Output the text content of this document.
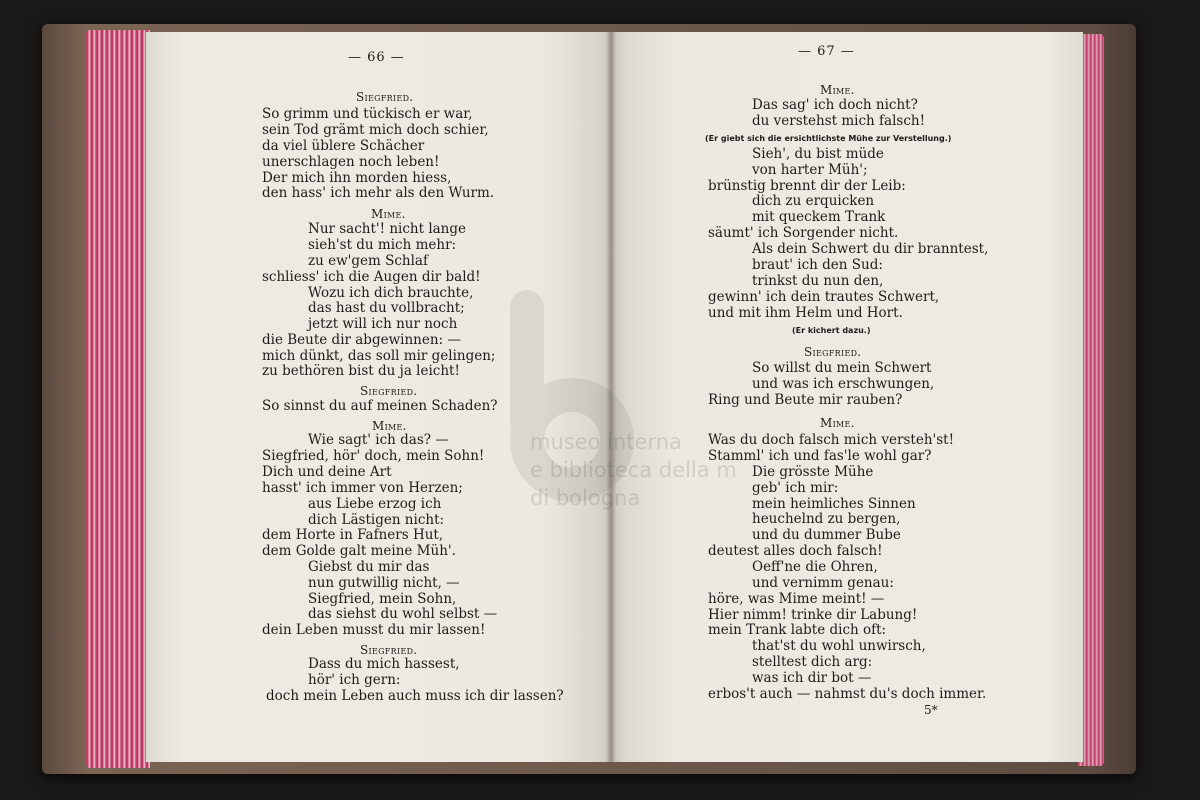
— 66 —
Siegfried.
So grimm und tückisch er war,
sein Tod grämt mich doch schier,
da viel üblere Schächer
unerschlagen noch leben!
Der mich ihn morden hiess,
den hass' ich mehr als den Wurm.
Mime.
Nur sacht'! nicht lange
sieh'st du mich mehr:
zu ew'gem Schlaf
schliess' ich die Augen dir bald!
Wozu ich dich brauchte,
das hast du vollbracht;
jetzt will ich nur noch
die Beute dir abgewinnen: —
mich dünkt, das soll mir gelingen;
zu bethören bist du ja leicht!
Siegfried.
So sinnst du auf meinen Schaden?
Mime.
Wie sagt' ich das? —
Siegfried, hör' doch, mein Sohn!
Dich und deine Art
hasst' ich immer von Herzen;
aus Liebe erzog ich
dich Lästigen nicht:
dem Horte in Fafners Hut,
dem Golde galt meine Müh'.
Giebst du mir das
nun gutwillig nicht, —
Siegfried, mein Sohn,
das siehst du wohl selbst —
dein Leben musst du mir lassen!
Siegfried.
Dass du mich hassest,
hör' ich gern:
doch mein Leben auch muss ich dir lassen?
— 67 —
Mime.
Das sag' ich doch nicht?
du verstehst mich falsch!
(Er giebt sich die ersichtlichste Mühe zur Verstellung.)
Sieh', du bist müde
von harter Müh';
brünstig brennt dir der Leib:
dich zu erquicken
mit queckem Trank
säumt' ich Sorgender nicht.
Als dein Schwert du dir branntest,
braut' ich den Sud:
trinkst du nun den,
gewinn' ich dein trautes Schwert,
und mit ihm Helm und Hort.
(Er kichert dazu.)
Siegfried.
So willst du mein Schwert
und was ich erschwungen,
Ring und Beute mir rauben?
Mime.
Was du doch falsch mich versteh'st!
Stamml' ich und fas'le wohl gar?
Die grösste Mühe
geb' ich mir:
mein heimliches Sinnen
heuchelnd zu bergen,
und du dummer Bube
deutest alles doch falsch!
Oeff'ne die Ohren,
und vernimm genau:
höre, was Mime meint! —
Hier nimm! trinke dir Labung!
mein Trank labte dich oft:
that'st du wohl unwirsch,
stelltest dich arg:
was ich dir bot —
erbos't auch — nahmst du's doch immer.
5*
